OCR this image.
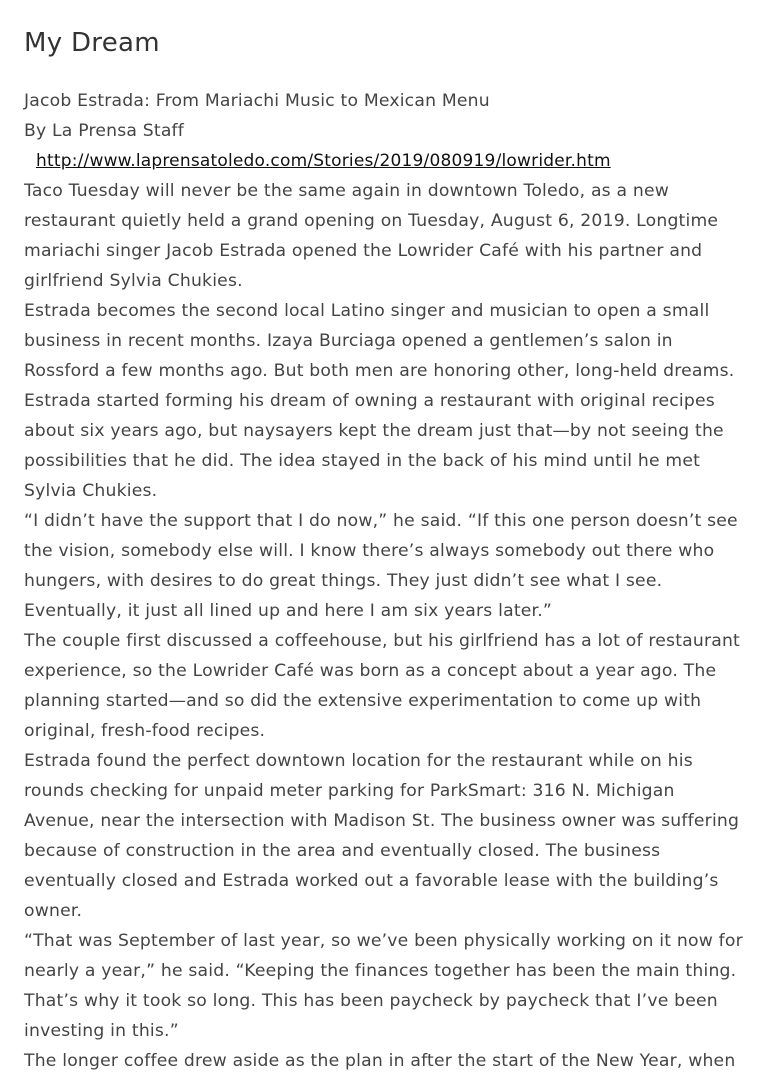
My Dream

Jacob Estrada: From Mariachi Music to Mexican Menu

By La Prensa Staff

http://www.laprensatoledo.com/Stories/2019/080919/lowrider.htm

Taco Tuesday will never be the same again in downtown Toledo, as a new restaurant quietly held a grand opening on Tuesday, August 6, 2019. Longtime mariachi singer Jacob Estrada opened the Lowrider Café with his partner and girlfriend Sylvia Chukies.

Estrada becomes the second local Latino singer and musician to open a small business in recent months. Izaya Burciaga opened a gentlemen’s salon in Rossford a few months ago. But both men are honoring other, long-held dreams.

Estrada started forming his dream of owning a restaurant with original recipes about six years ago, but naysayers kept the dream just that—by not seeing the possibilities that he did. The idea stayed in the back of his mind until he met Sylvia Chukies.

“I didn’t have the support that I do now,” he said. “If this one person doesn’t see the vision, somebody else will. I know there’s always somebody out there who hungers, with desires to do great things. They just didn’t see what I see. Eventually, it just all lined up and here I am six years later.”

The couple first discussed a coffeehouse, but his girlfriend has a lot of restaurant experience, so the Lowrider Café was born as a concept about a year ago. The planning started—and so did the extensive experimentation to come up with original, fresh-food recipes.

Estrada found the perfect downtown location for the restaurant while on his rounds checking for unpaid meter parking for ParkSmart: 316 N. Michigan Avenue, near the intersection with Madison St. The business owner was suffering because of construction in the area and eventually closed. The business eventually closed and Estrada worked out a favorable lease with the building’s owner.

“That was September of last year, so we’ve been physically working on it now for nearly a year,” he said. “Keeping the finances together has been the main thing. That’s why it took so long. This has been paycheck by paycheck that I’ve been investing in this.”

The longer coffee drew aside as the plan in after the start of the New Year, when
